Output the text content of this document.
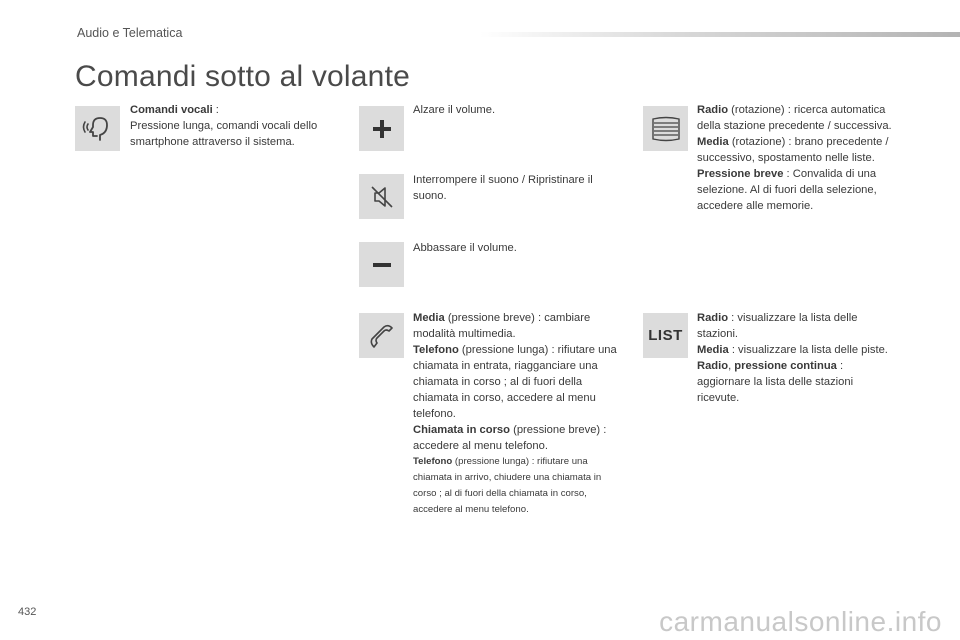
Audio e Telematica
Comandi sotto al volante

Comandi vocali :

Pressione lunga, comandi vocali dello smartphone attraverso il sistema.

Alzare il volume.
Interrompere il suono / Ripristinare il suono.
Abbassare il volume.

Media (pressione breve) : cambiare modalità multimedia.

Telefono (pressione lunga) : rifiutare una chiamata in entrata, riagganciare una chiamata in corso ; al di fuori della chiamata in corso, accedere al menu telefono.

Chiamata in corso (pressione breve) : accedere al menu telefono.

Telefono (pressione lunga) : rifiutare una chiamata in arrivo, chiudere una chiamata in corso ; al di fuori della chiamata in corso, accedere al menu telefono.

Radio (rotazione) : ricerca automatica della stazione precedente / successiva.

Media (rotazione) : brano precedente / successivo, spostamento nelle liste.

Pressione breve : Convalida di una selezione. Al di fuori della selezione, accedere alle memorie.

LIST

Radio : visualizzare la lista delle stazioni.

Media : visualizzare la lista delle piste.

Radio, pressione continua : aggiornare la lista delle stazioni ricevute.

432	carmanualsonline.info
